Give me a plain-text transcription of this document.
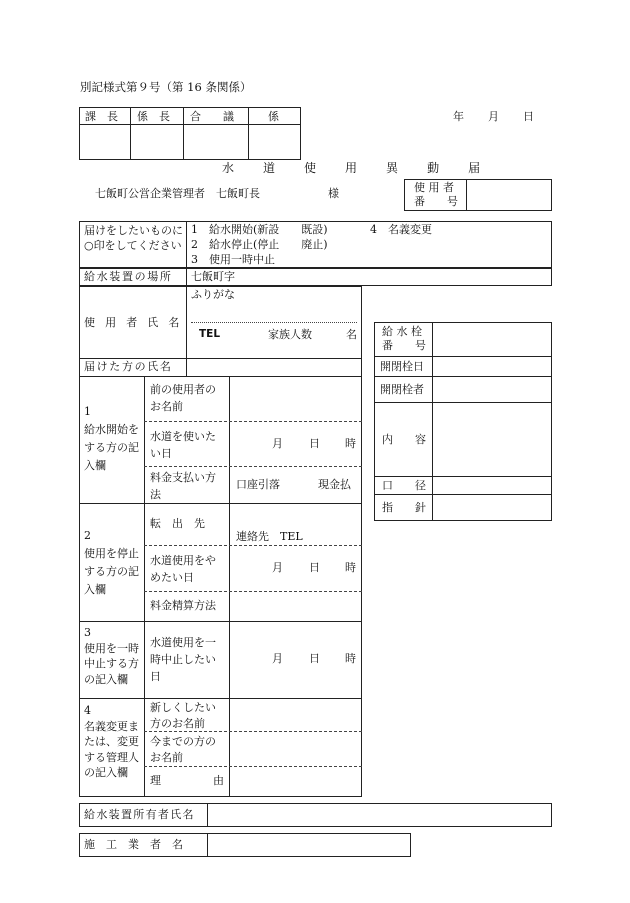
別記様式第９号（第 16 条関係）
課　長 係　長 合　　議	係	年 月 日
水 道 使 用 異 動 届
七飯町公営企業管理者　七飯町長	様	使 用 者
番　　号
届けをしたいものに○印をしてください
1　給水開始(新設　　既設)
2　給水停止(停止　　廃止)
3　使用一時中止
4　名義変更
給水装置の場所 七飯町字
使 用 者 氏 名
ふりがな
TEL	家族人数	名
届けた方の氏名
1
給水開始をする方の記入欄
前の使用者のお名前
水道を使いたい日
月 日 時
料金支払い方法
口座引落	現金払
2
使用を停止する方の記入欄
転　出　先
連絡先　TEL
水道使用をやめたい日
月 日 時
料金精算方法
3
使用を一時中止する方の記入欄
水道使用を一時中止したい日
月 日 時
4
名義変更または、変更する管理人の記入欄
新しくしたい方のお名前
今までの方のお名前
理	由
給 水 栓
番　　号
開閉栓日
開閉栓者
内　　容
口　　径
指　　針
給水装置所有者氏名
施　工　業　者　名
